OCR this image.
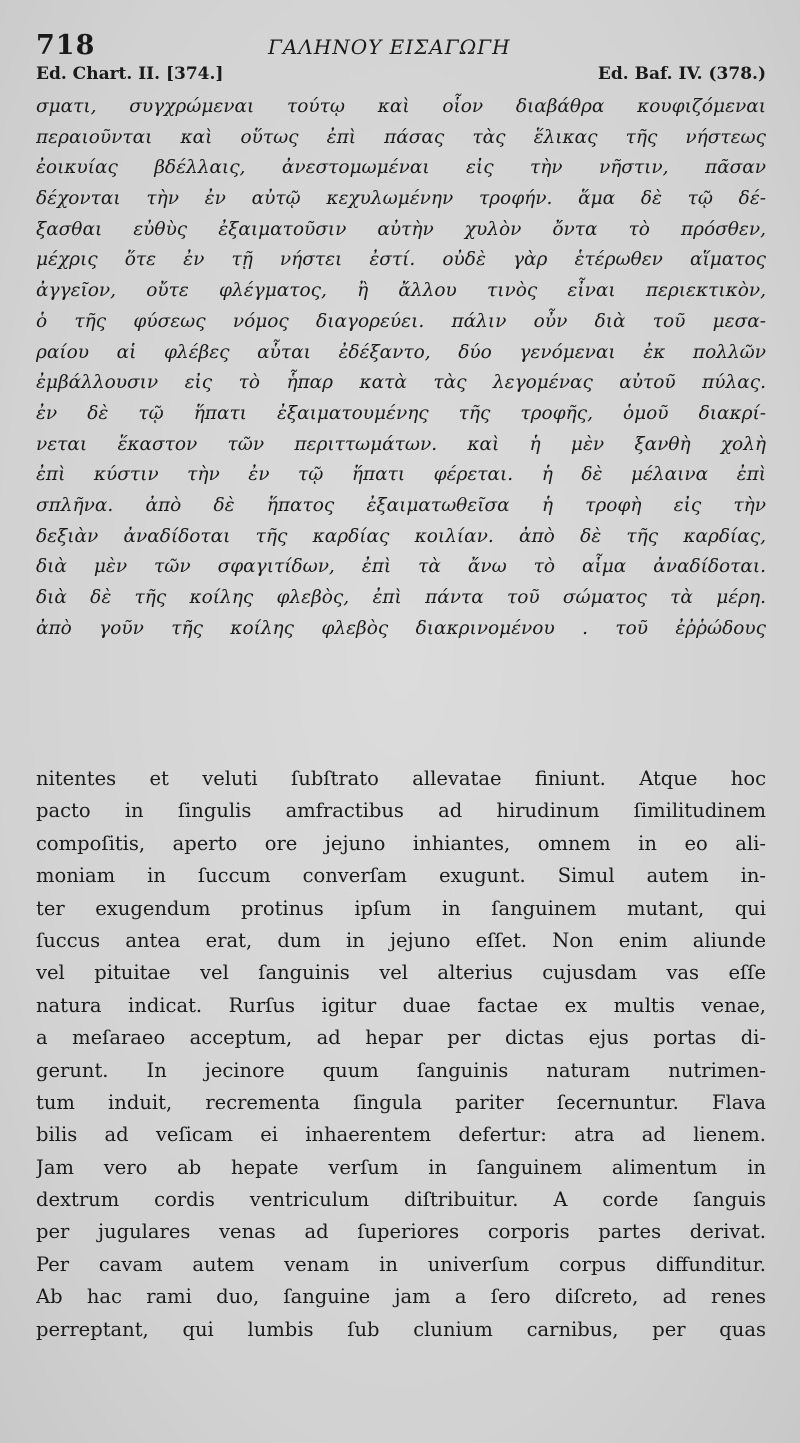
718	ΓΑΛΗΝΟΥ ΕΙΣΑΓΩΓΗ
Ed. Chart. II. [374.]	Ed. Baf. IV. (378.)
σματι, συγχρώμεναι τούτῳ καὶ οἷον διαβάθρα κουφιζόμεναι
περαιοῦνται καὶ οὕτως ἐπὶ πάσας τὰς ἕλικας τῆς νήστεως
ἐοικυίας βδέλλαις, ἀνεστομωμέναι εἰς τὴν νῆστιν, πᾶσαν
δέχονται τὴν ἐν αὐτῷ κεχυλωμένην τροφήν. ἅμα δὲ τῷ δέ-
ξασθαι εὐθὺς ἐξαιματοῦσιν αὐτὴν χυλὸν ὄντα τὸ πρόσθεν,
μέχρις ὅτε ἐν τῇ νήστει ἐστί. οὐδὲ γὰρ ἑτέρωθεν αἵματος
ἀγγεῖον, οὔτε φλέγματος, ἢ ἄλλου τινὸς εἶναι περιεκτικὸν,
ὁ τῆς φύσεως νόμος διαγορεύει. πάλιν οὖν διὰ τοῦ μεσα-
ραίου αἱ φλέβες αὗται ἐδέξαντο, δύο γενόμεναι ἐκ πολλῶν
ἐμβάλλουσιν εἰς τὸ ἧπαρ κατὰ τὰς λεγομένας αὐτοῦ πύλας.
ἐν δὲ τῷ ἥπατι ἐξαιματουμένης τῆς τροφῆς, ὁμοῦ διακρί-
νεται ἕκαστον τῶν περιττωμάτων. καὶ ἡ μὲν ξανθὴ χολὴ
ἐπὶ κύστιν τὴν ἐν τῷ ἥπατι φέρεται. ἡ δὲ μέλαινα ἐπὶ
σπλῆνα. ἀπὸ δὲ ἥπατος ἐξαιματωθεῖσα ἡ τροφὴ εἰς τὴν
δεξιὰν ἀναδίδοται τῆς καρδίας κοιλίαν. ἀπὸ δὲ τῆς καρδίας,
διὰ μὲν τῶν σφαγιτίδων, ἐπὶ τὰ ἄνω τὸ αἷμα ἀναδίδοται.
διὰ δὲ τῆς κοίλης φλεβὸς, ἐπὶ πάντα τοῦ σώματος τὰ μέρη.
ἀπὸ γοῦν τῆς κοίλης φλεβὸς διακρινομένου . τοῦ ἐῤῥώδους
nitentes et veluti ſubſtrato allevatae finiunt. Atque hoc
pacto in ſingulis amfractibus ad hirudinum ſimilitudinem
compoſitis, aperto ore jejuno inhiantes, omnem in eo ali-
moniam in ſuccum converſam exugunt. Simul autem in-
ter exugendum protinus ipſum in ſanguinem mutant, qui
ſuccus antea erat, dum in jejuno eſſet. Non enim aliunde
vel pituitae vel ſanguinis vel alterius cujusdam vas eſſe
natura indicat. Rurſus igitur duae factae ex multis venae,
a meſaraeo acceptum, ad hepar per dictas ejus portas di-
gerunt. In jecinore quum ſanguinis naturam nutrimen-
tum induit, recrementa ſingula pariter ſecernuntur. Flava
bilis ad veſicam ei inhaerentem defertur: atra ad lienem.
Jam vero ab hepate verſum in ſanguinem alimentum in
dextrum cordis ventriculum diſtribuitur. A corde ſanguis
per jugulares venas ad ſuperiores corporis partes derivat.
Per cavam autem venam in univerſum corpus diffunditur.
Ab hac rami duo, ſanguine jam a ſero diſcreto, ad renes
perreptant, qui lumbis ſub clunium carnibus, per quas
